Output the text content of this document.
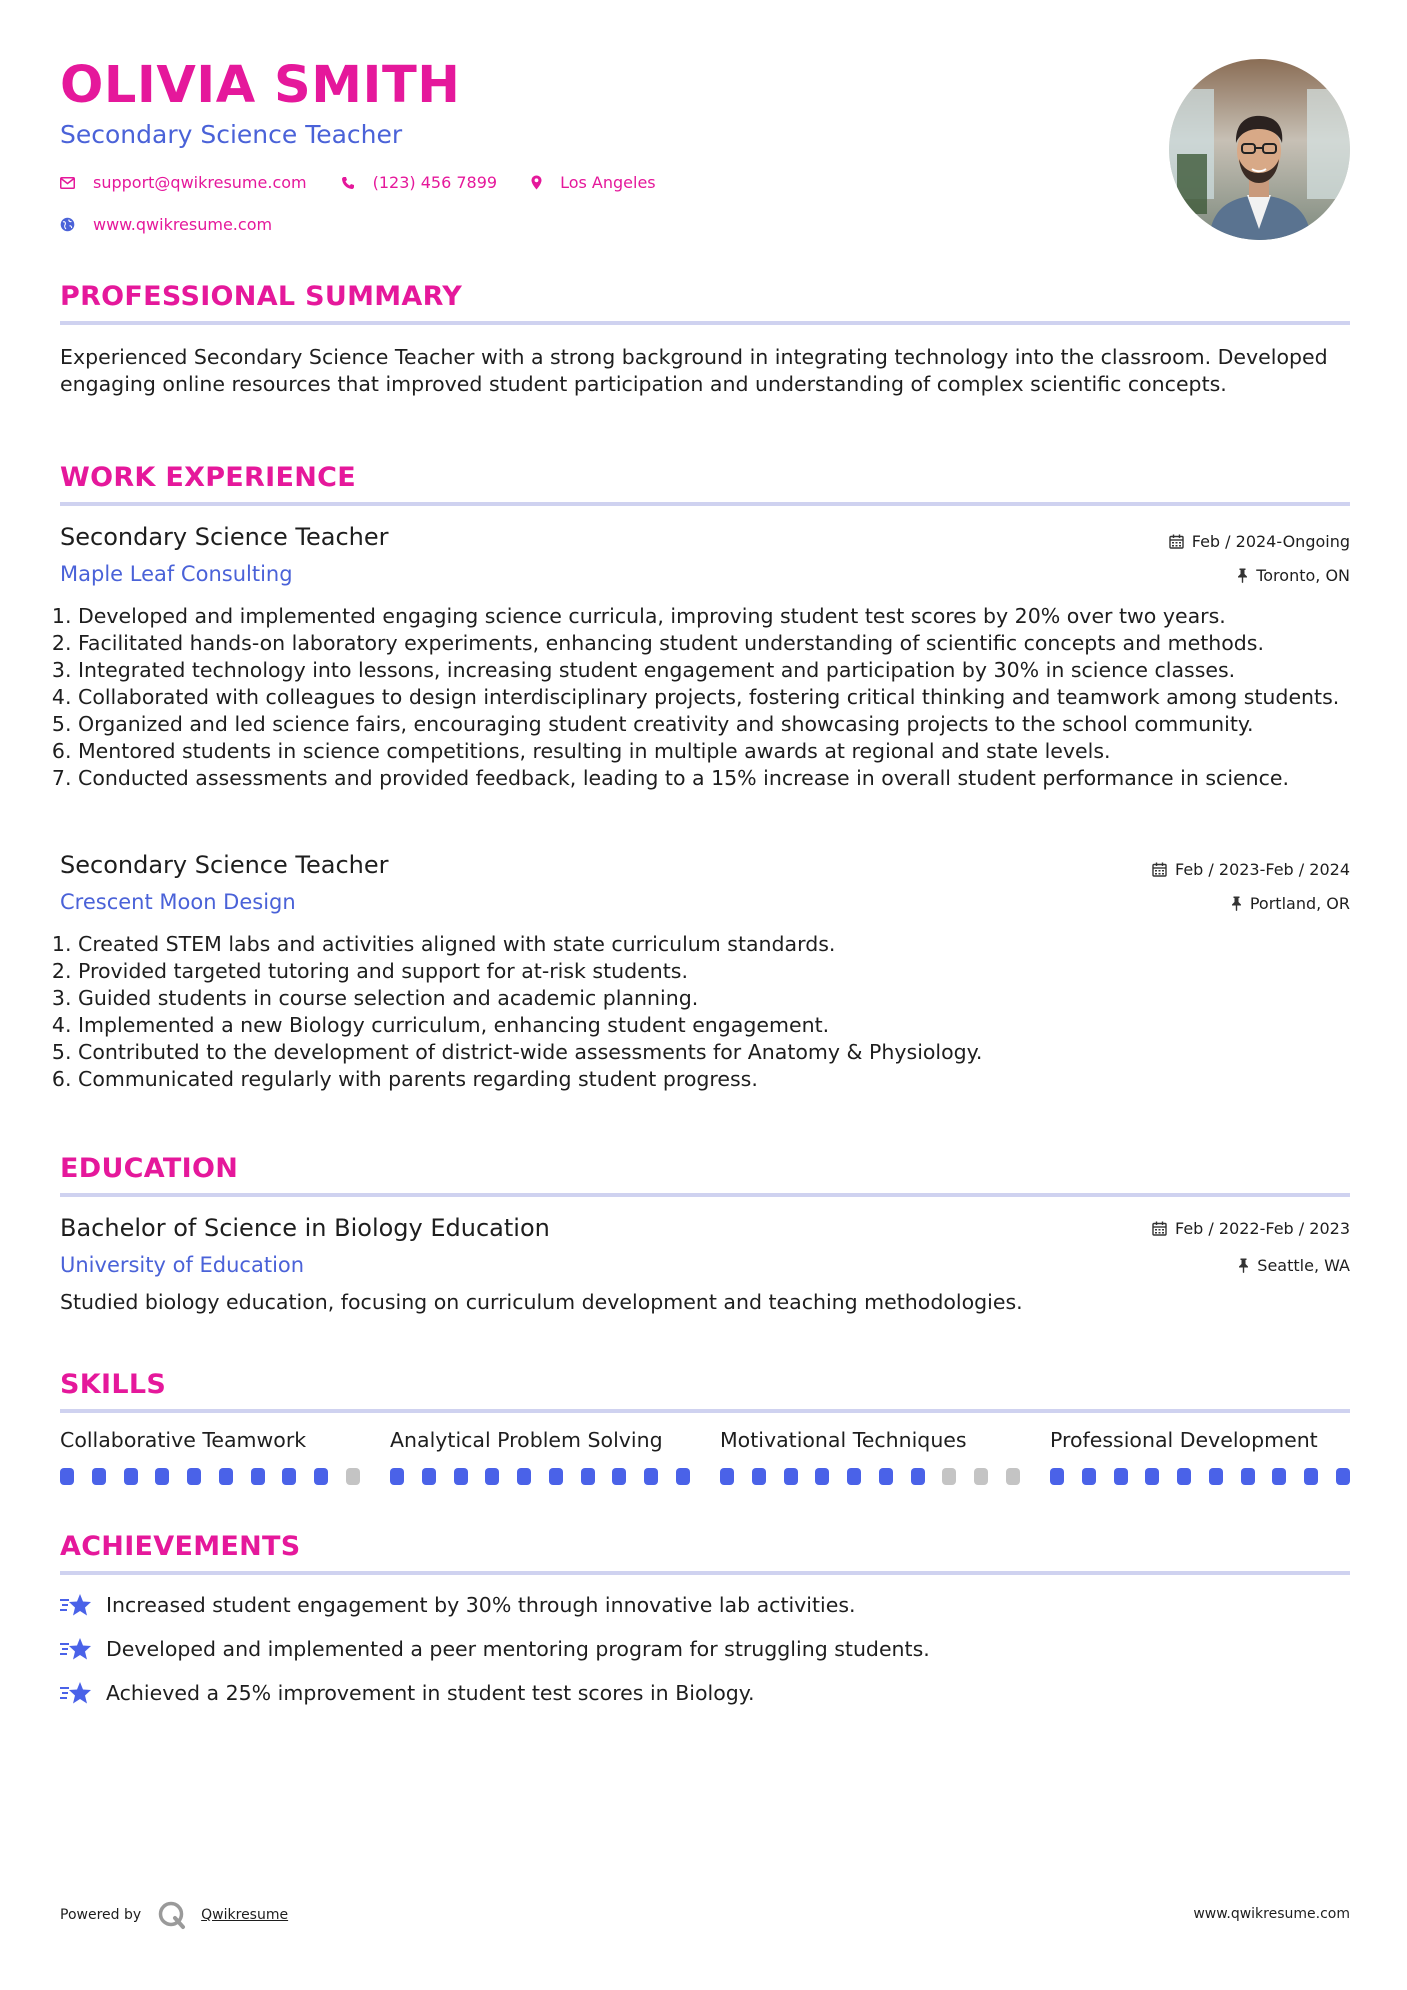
OLIVIA SMITH
Secondary Science Teacher
support@qwikresume.com	(123) 456 7899	Los Angeles
www.qwikresume.com
PROFESSIONAL SUMMARY
Experienced Secondary Science Teacher with a strong background in integrating technology into the classroom. Developed engaging online resources that improved student participation and understanding of complex scientific concepts.
WORK EXPERIENCE
Secondary Science Teacher	Feb / 2024-Ongoing
Maple Leaf Consulting	Toronto, ON
1. Developed and implemented engaging science curricula, improving student test scores by 20% over two years.
2. Facilitated hands-on laboratory experiments, enhancing student understanding of scientific concepts and methods.
3. Integrated technology into lessons, increasing student engagement and participation by 30% in science classes.
4. Collaborated with colleagues to design interdisciplinary projects, fostering critical thinking and teamwork among students.
5. Organized and led science fairs, encouraging student creativity and showcasing projects to the school community.
6. Mentored students in science competitions, resulting in multiple awards at regional and state levels.
7. Conducted assessments and provided feedback, leading to a 15% increase in overall student performance in science.
Secondary Science Teacher	Feb / 2023-Feb / 2024
Crescent Moon Design	Portland, OR
1. Created STEM labs and activities aligned with state curriculum standards.
2. Provided targeted tutoring and support for at-risk students.
3. Guided students in course selection and academic planning.
4. Implemented a new Biology curriculum, enhancing student engagement.
5. Contributed to the development of district-wide assessments for Anatomy & Physiology.
6. Communicated regularly with parents regarding student progress.
EDUCATION
Bachelor of Science in Biology Education	Feb / 2022-Feb / 2023
University of Education	Seattle, WA
Studied biology education, focusing on curriculum development and teaching methodologies.
SKILLS
Collaborative Teamwork	Analytical Problem Solving	Motivational Techniques	Professional Development
ACHIEVEMENTS
Increased student engagement by 30% through innovative lab activities.
Developed and implemented a peer mentoring program for struggling students.
Achieved a 25% improvement in student test scores in Biology.
Powered by	Qwikresume	www.qwikresume.com
